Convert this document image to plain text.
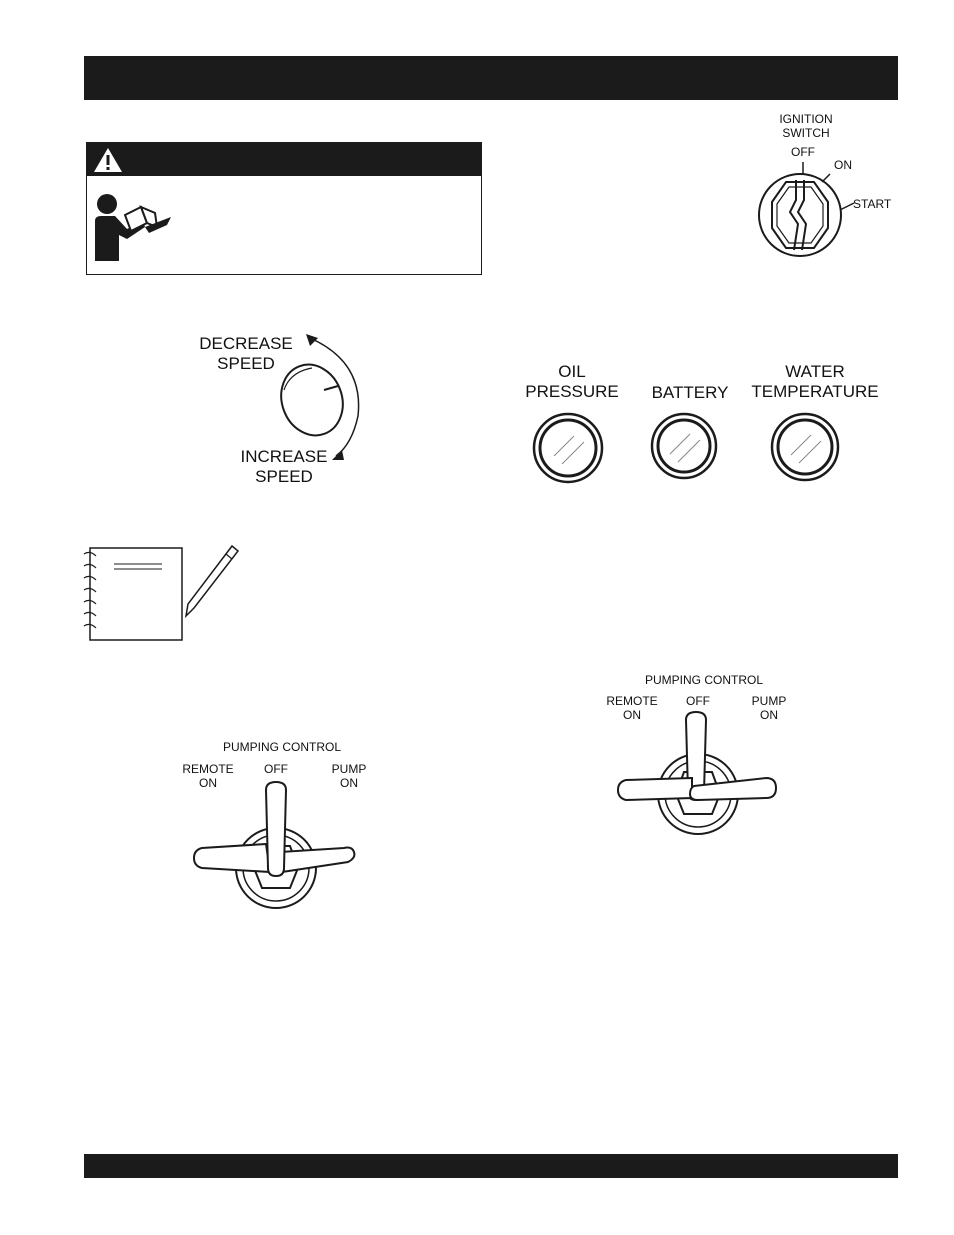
IGNITION
SWITCH
OFF
ON
START
DECREASE
SPEED
INCREASE
SPEED
OIL
PRESSURE	BATTERY
WATER
TEMPERATURE
PUMPING CONTROL
REMOTE
ON
OFF	PUMP
ON
PUMPING CONTROL
REMOTE
ON
OFF	PUMP
ON
